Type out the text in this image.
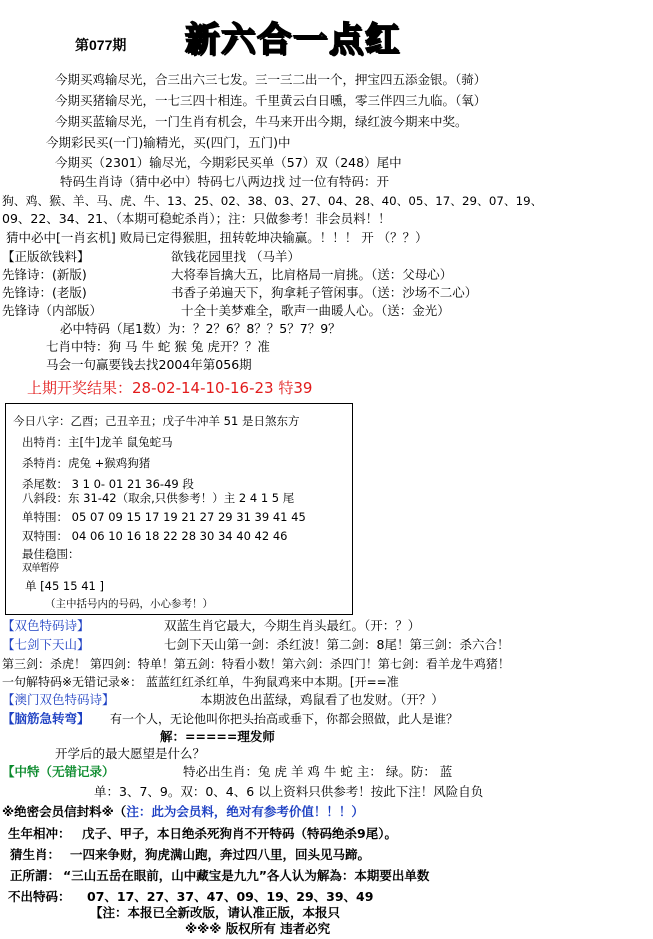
第077期 新六合一点红
今期买鸡输尽光，合三出六三七发。三一三二出一个，押宝四五添金银。（骑）
今期买猪输尽光，一七三四十相连。千里黄云白日曛，零三伴四三九临。（氧）
今期买蓝输尽光，一门生肖有机会，牛马来开出今期，绿红波今期来中奖。
今期彩民买(一门)输精光，买(四门，五门)中
今期买（2301）输尽光，今期彩民买单（57）双（248）尾中
特码生肖诗（猜中必中）特码七八两边找 过一位有特码：开
狗、鸡、猴、羊、马、虎、牛、13、25、02、38、03、27、04、28、40、05、17、29、07、19、
09、22、34、21、（本期可稳蛇杀肖）；注：只做参考！非会员料！！
猜中必中[一肖玄机] 败局已定得猴胆，扭转乾坤决输赢。！！！ 开 （？？）
【正版欲钱料】	欲钱花园里找 （马羊）
先锋诗：(新版)	大将奉旨擒大五，比肩格局一肩挑。（送：父母心）
先锋诗：(老版)	书香子弟遍天下，狗拿耗子管闲事。（送：沙场不二心）
先锋诗（内部版）	十全十美梦难全，歌声一曲暖人心。（送：金光）
必中特码（尾1数）为：？2？6？8？？5？7？9？
七肖中特：狗 马 牛 蛇 猴 兔 虎开？？准
马会一句赢要钱去找2004年第056期
上期开奖结果：28-02-14-10-16-23 特39
今日八字：乙酉；己丑辛丑；戊子牛冲羊 51 是日煞东方
出特肖：主[牛]龙羊 鼠兔蛇马
杀特肖：虎兔 +猴鸡狗猪
杀尾数： 3 1 0- 01 21 36-49 段
八斜段：东 31-42（取余,只供参考！）主 2 4 1 5 尾
单特围： 05 07 09 15 17 19 21 27 29 31 39 41 45
双特围： 04 06 10 16 18 22 28 30 34 40 42 46
最佳稳围：
双单暂停
单 [45 15 41 ]
（主中括号内的号码，小心参考！）
【双色特码诗】	双蓝生肖它最大，今期生肖头最红。（开：？）
【七剑下天山】	七剑下天山第一剑：杀红波！第二剑：8尾！第三剑：杀六合！
第三剑：杀虎！ 第四剑：特单！第五剑：特看小数！第六剑：杀四门！第七剑：看羊龙牛鸡猪！
一句解特码※无错记录※： 蓝蓝红红杀红单，牛狗鼠鸡来中本期。[开==准
【澳门双色特码诗】	本期波色出蓝绿，鸡鼠看了也发财。（开？）
【脑筋急转弯】 有一个人，无论他叫你把头抬高或垂下，你都会照做，此人是谁？
解：=====理发师
开学后的最大愿望是什么？
【中特（无错记录）	特必出生肖：兔 虎 羊 鸡 牛 蛇 主： 绿。防： 蓝
单：3、7、9。双：0、4、6 以上资料只供参考！按此下注！风险自负
※绝密会员信封料※（注：此为会员料，绝对有参考价值！！！）
生年相冲： 戊子、甲子，本日绝杀死狗肖不开特码（特码绝杀9尾）。
猜生肖： 一四来争财，狗虎满山跑，奔过四八里，回头见马蹄。
正所謂： “三山五岳在眼前，山中藏宝是九九”各人认为解為：本期要出单数
不出特码： 07、17、27、37、47、09、19、29、39、49
【注：本报已全新改版，请认准正版，本报只
※※※ 版权所有 违者必究
